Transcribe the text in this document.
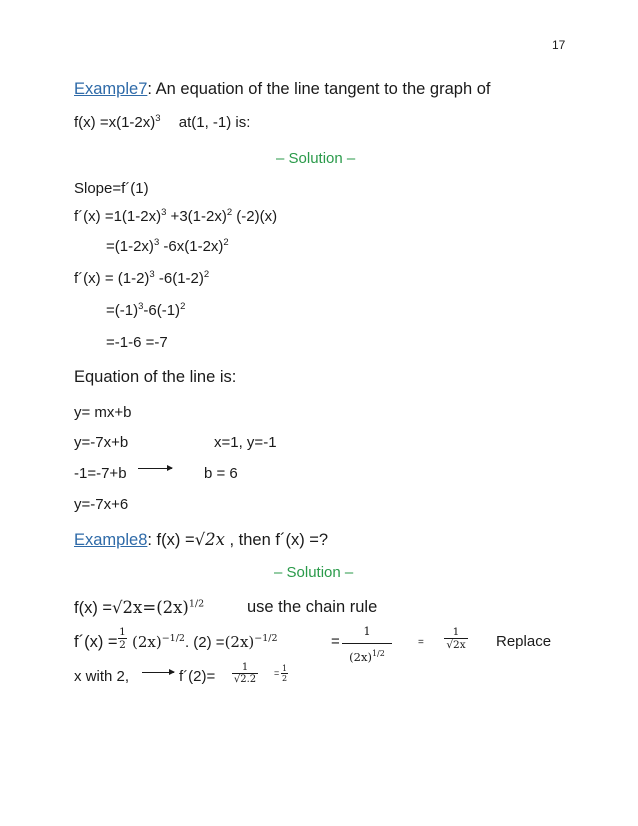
17
Example7: An equation of the line tangent to the graph of
$f(x) =x(1-2x)^3$ at(1, -1) is:
– Solution –
Slope=f´(1)
f´(x) $=1(1-2x)^3 +3(1-2x)^2$ (-2)(x)
$=(1-2x)^3$ $-6x(1-2x)^2$
f´(x) = $(1-2)^3$ $-6(1-2)^2$
$=(-1)^3-6(-1)^2$
=-1-6 =-7
Equation of the line is:
y= mx+b
y=-7x+b	x=1, y=-1
-1=-7+b	b = 6
y=-7x+6
Example8: f(x) =√2x , then f´(x) =?
– Solution –
$f(x) =√2x=(2x)^{1/2}$	use the chain rule
f´(x) = $\frac{1}{2} (2x)^{-1/2}$. $(2) =(2x)^{-1/2}$	= $\frac{1}{(2x)^{1/2}}$	= $\frac{1}{√2x}$ Replace
x with 2,	f´(2)= $\frac{1}{√2.2} = \frac{1}{2}$
